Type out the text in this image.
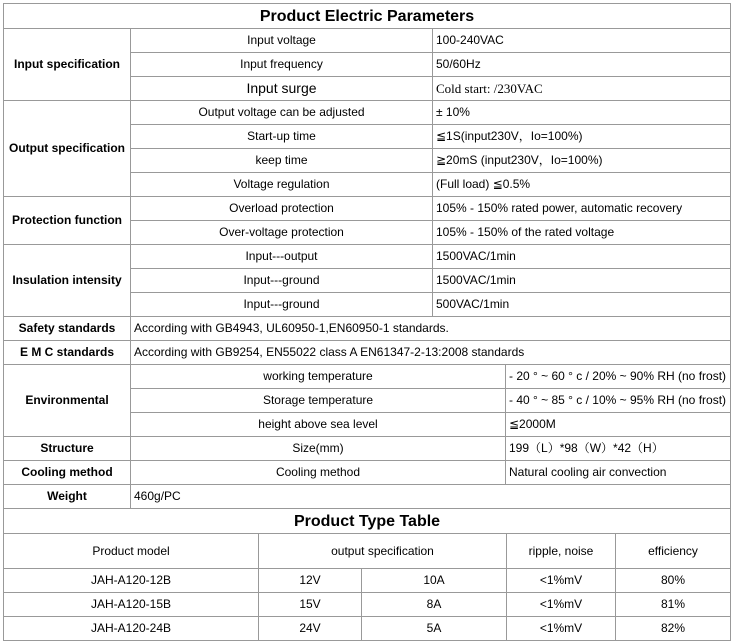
Product Electric Parameters			
Input specification	Input voltage	100-240VAC	
	Input frequency	50/60Hz	
	Input surge	Cold start: /230VAC	
Output specification	Output voltage can be adjusted	± 10%	
	Start-up time	≦1S(input230V，Io=100%)	
	keep time	≧20mS (input230V，Io=100%)	
	Voltage regulation	(Full load) ≦0.5%	
Protection function	Overload protection	105% - 150% rated power, automatic recovery	
	Over-voltage protection	105% - 150% of the rated voltage	
Insulation intensity	Input---output	1500VAC/1min	
	Input---ground	1500VAC/1min	
	Input---ground	500VAC/1min	
Safety standards	According with GB4943, UL60950-1,EN60950-1 standards.		
E M C standards	According with GB9254, EN55022 class A EN61347-2-13:2008 standards		
Environmental	working temperature		- 20 ° ~ 60 ° c / 20% ~ 90% RH (no frost)
	Storage temperature		- 40 ° ~ 85 ° c / 10% ~ 95% RH (no frost)
	height above sea level		≦2000M
Structure	Size(mm)		199（L）*98（W）*42（H）
Cooling method	Cooling method		Natural cooling air convection
Weight	460g/PC		
Product Type Table				
Product model	output specification		ripple, noise	efficiency
JAH-A120-12B	12V	10A	<1%mV	80%
JAH-A120-15B	15V	8A	<1%mV	81%
JAH-A120-24B	24V	5A	<1%mV	82%
